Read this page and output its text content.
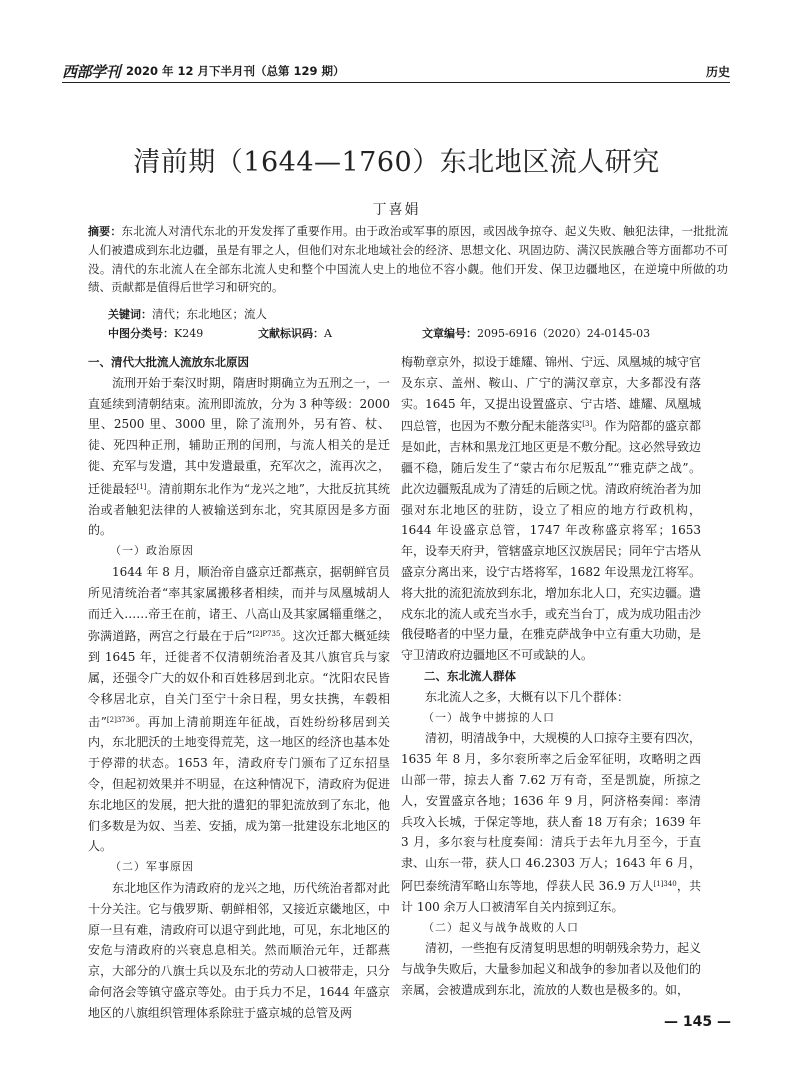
西部学刊 2020 年 12 月下半月刊（总第 129 期）	历史
清前期（1644—1760）东北地区流人研究
丁喜娟
摘要：东北流人对清代东北的开发发挥了重要作用。由于政治或军事的原因，或因战争掠夺、起义失败、触犯法律，一批批流人们被遣成到东北边疆，虽是有罪之人，但他们对东北地域社会的经济、思想文化、巩固边防、满汉民族融合等方面都功不可没。清代的东北流人在全部东北流人史和整个中国流人史上的地位不容小觑。他们开发、保卫边疆地区，在逆境中所做的功绩、贡献都是值得后世学习和研究的。
关键词：清代；东北地区；流人
中图分类号：K249	文献标识码：A	文章编号：2095-6916（2020）24-0145-03
一、清代大批流人流放东北原因

流刑开始于秦汉时期，隋唐时期确立为五刑之一，一直延续到清朝结束。流刑即流放，分为 3 种等级：2000 里、2500 里、3000 里，除了流刑外，另有笞、杖、徒、死四种正刑，辅助正刑的闰刑，与流人相关的是迁徙、充军与发遣，其中发遣最重，充军次之，流再次之，迁徙最轻[1]。清前期东北作为“龙兴之地”，大批反抗其统治或者触犯法律的人被输送到东北，究其原因是多方面的。

（一）政治原因

1644 年 8 月，顺治帝自盛京迁都燕京，据朝鲜官员所见清统治者“率其家属搬移者相续，而并与凤凰城胡人而迁入……帝王在前，诸王、八高山及其家属辎重继之，弥满道路，两宫之行最在于后”$^{[2]P735}$。这次迁都大概延续到 1645 年，迁徙者不仅清朝统治者及其八旗官兵与家属，还强令广大的奴仆和百姓移居到北京。“沈阳农民皆令移居北京，自关门至宁十余日程，男女扶携，车毂相击”$^{[2]3736}$。再加上清前期连年征战，百姓纷纷移居到关内，东北肥沃的土地变得荒芜，这一地区的经济也基本处于停滞的状态。1653 年，清政府专门颁布了辽东招垦令，但起初效果并不明显，在这种情况下，清政府为促进东北地区的发展，把大批的遣犯的罪犯流放到了东北，他们多数是为奴、当差、安插，成为第一批建设东北地区的人。

（二）军事原因

东北地区作为清政府的龙兴之地，历代统治者都对此十分关注。它与俄罗斯、朝鲜相邻，又接近京畿地区，中原一旦有难，清政府可以退守到此地，可见，东北地区的安危与清政府的兴衰息息相关。然而顺治元年，迁都燕京，大部分的八旗士兵以及东北的劳动人口被带走，只分命何洛会等镇守盛京等处。由于兵力不足，1644 年盛京地区的八旗组织管理体系除驻于盛京城的总管及两

梅勒章京外，拟设于雄耀、锦州、宁远、凤凰城的城守官及东京、盖州、鞍山、广宁的满汉章京，大多都没有落实。1645 年，又提出设置盛京、宁古塔、雄耀、凤凰城四总管，也因为不敷分配未能落实[3]。作为陪都的盛京都是如此，吉林和黑龙江地区更是不敷分配。这必然导致边疆不稳，随后发生了“蒙古布尔尼叛乱”“雅克萨之战”。此次边疆叛乱成为了清廷的后顾之忧。清政府统治者为加强对东北地区的驻防，设立了相应的地方行政机构，1644 年设盛京总管，1747 年改称盛京将军；1653 年，设奉天府尹，管辖盛京地区汉族居民；同年宁古塔从盛京分离出来，设宁古塔将军，1682 年设黑龙江将军。将大批的流犯流放到东北，增加东北人口，充实边疆。遣戍东北的流人或充当水手，或充当台丁，成为成功阻击沙俄侵略者的中坚力量，在雅克萨战争中立有重大功勋，是守卫清政府边疆地区不可或缺的人。

二、东北流人群体

东北流人之多，大概有以下几个群体：

（一）战争中掳掠的人口

清初，明清战争中，大规模的人口掠夺主要有四次，1635 年 8 月，多尔衮所率之后金军征明，攻略明之西山部一带，掠去人畜 7.62 万有奇，至是凯旋，所掠之人，安置盛京各地；1636 年 9 月，阿济格奏闻：率清兵攻入长城，于保定等地，获人畜 18 万有余；1639 年 3 月，多尔衮与杜度奏闻：清兵于去年九月至今，于直隶、山东一带，获人口 46.2303 万人；1643 年 6 月，阿巴泰统清军略山东等地，俘获人民 36.9 万人$^{[1]340}$，共计 100 余万人口被清军自关内掠到辽东。

（二）起义与战争战败的人口

清初，一些抱有反清复明思想的明朝残余势力，起义与战争失败后，大量参加起义和战争的参加者以及他们的亲属，会被遣成到东北，流放的人数也是极多的。如，

— 145 —
